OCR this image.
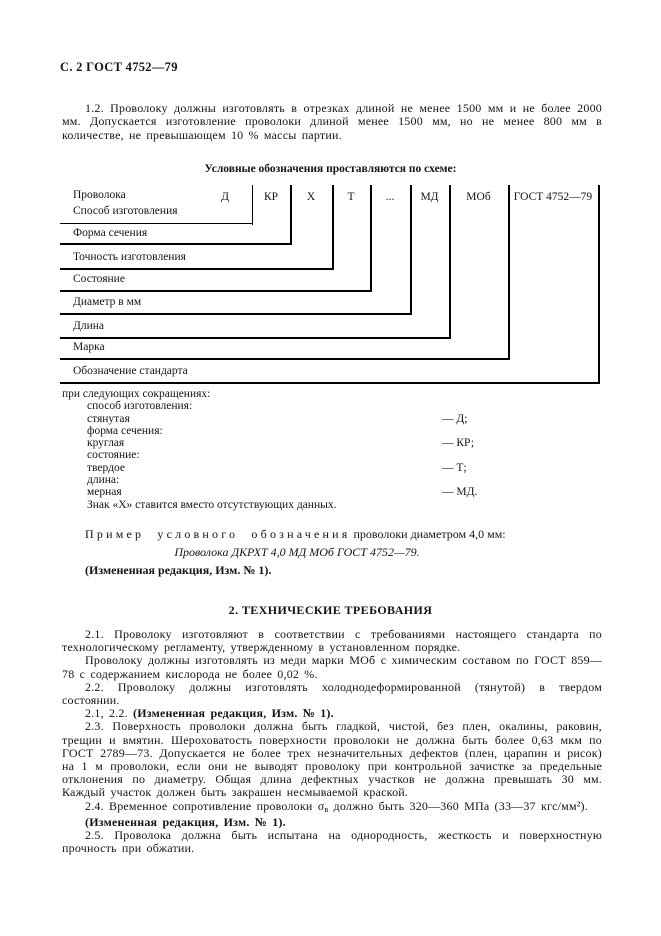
С. 2 ГОСТ 4752—79

1.2. Проволоку должны изготовлять в отрезках длиной не менее 1500 мм и не более 2000 мм. Допускается изготовление проволоки длиной менее 1500 мм, но не менее 800 мм в количестве, не превышающем 10 % массы партии.

Условные обозначения проставляются по схеме:
Д	КР	Х	Т	...	МД	МОб	ГОСТ 4752—79
Проволока
Способ изготовления
Форма сечения
Точность изготовления
Состояние
Диаметр в мм
Длина
Марка
Обозначение стандарта
при следующих сокращениях:
способ изготовления:
стянутая	— Д;
форма сечения:
круглая	— КР;
состояние:
твердое	— Т;
длина:
мерная	— МД.
Знак «Х» ставится вместо отсутствующих данных.
Пример условного обозначения проволоки диаметром 4,0 мм:
Проволока ДКРХТ 4,0 МД МОб ГОСТ 4752—79.
(Измененная редакция, Изм. № 1).
2. ТЕХНИЧЕСКИЕ ТРЕБОВАНИЯ

2.1. Проволоку изготовляют в соответствии с требованиями настоящего стандарта по технологическому регламенту, утвержденному в установленном порядке.

Проволоку должны изготовлять из меди марки МОб с химическим составом по ГОСТ 859—78 с содержанием кислорода не более 0,02 %.

2.2. Проволоку должны изготовлять холоднодеформированной (тянутой) в твердом состоянии.

2.1, 2.2. (Измененная редакция, Изм. № 1).

2.3. Поверхность проволоки должна быть гладкой, чистой, без плен, окалины, раковин, трещин и вмятин. Шероховатость поверхности проволоки не должна быть более 0,63 мкм по ГОСТ 2789—73. Допускается не более трех незначительных дефектов (плен, царапин и рисок) на 1 м проволоки, если они не выводят проволоку при контрольной зачистке за предельные отклонения по диаметру. Общая длина дефектных участков не должна превышать 30 мм. Каждый участок должен быть закрашен несмываемой краской.

2.4. Временное сопротивление проволоки $\sigma_в$ должно быть 320—360 МПа (33—37 кгс/мм²).

(Измененная редакция, Изм. № 1).

2.5. Проволока должна быть испытана на однородность, жесткость и поверхностную прочность при обжатии.
